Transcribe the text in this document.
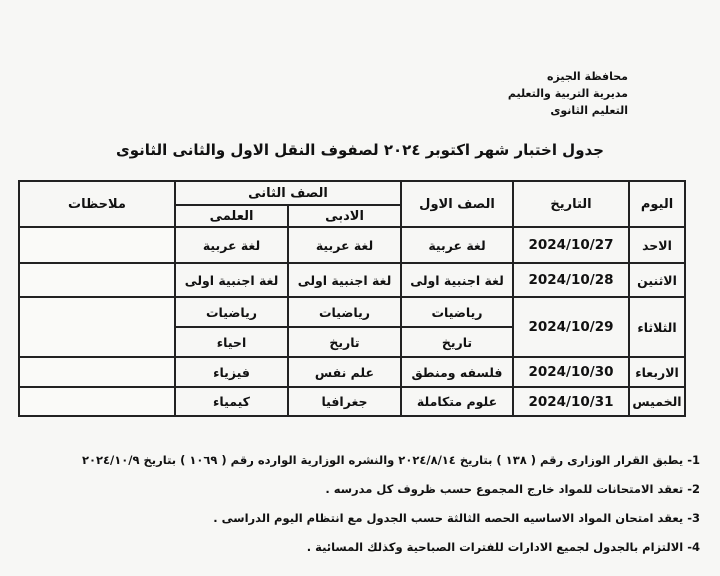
محافظة الجيزه
مديرية التربية والتعليم
التعليم الثانوى
جدول اختبار شهر اكتوبر ٢٠٢٤ لصفوف النقل الاول والثانى الثانوى
اليوم	التاريخ	الصف الاول	الصف الثانى		ملاحظات
			الادبى	العلمى	
الاحد	2024/10/27	لغة عربية	لغة عربية	لغة عربية	
الاثنين	2024/10/28	لغة اجنبية اولى	لغة اجنبية اولى	لغة اجنبية اولى	
الثلاثاء	2024/10/29	رياضيات	رياضيات	رياضيات	
		تاريخ	تاريخ	احياء	
الاربعاء	2024/10/30	فلسفه ومنطق	علم نفس	فيزياء	
الخميس	2024/10/31	علوم متكاملة	جغرافيا	كيمياء	
1- يطبق القرار الوزارى رقم ( ١٣٨ ) بتاريخ ٢٠٢٤/٨/١٤ والنشره الوزارية الوارده رقم ( ١٠٦٩ ) بتاريخ ٢٠٢٤/١٠/٩
2- تعقد الامتحانات للمواد خارج المجموع حسب ظروف كل مدرسه .
3- يعقد امتحان المواد الاساسيه الحصه الثالثة حسب الجدول مع انتظام اليوم الدراسى .
4- الالتزام بالجدول لجميع الادارات للفترات الصباحية وكذلك المسائية .
